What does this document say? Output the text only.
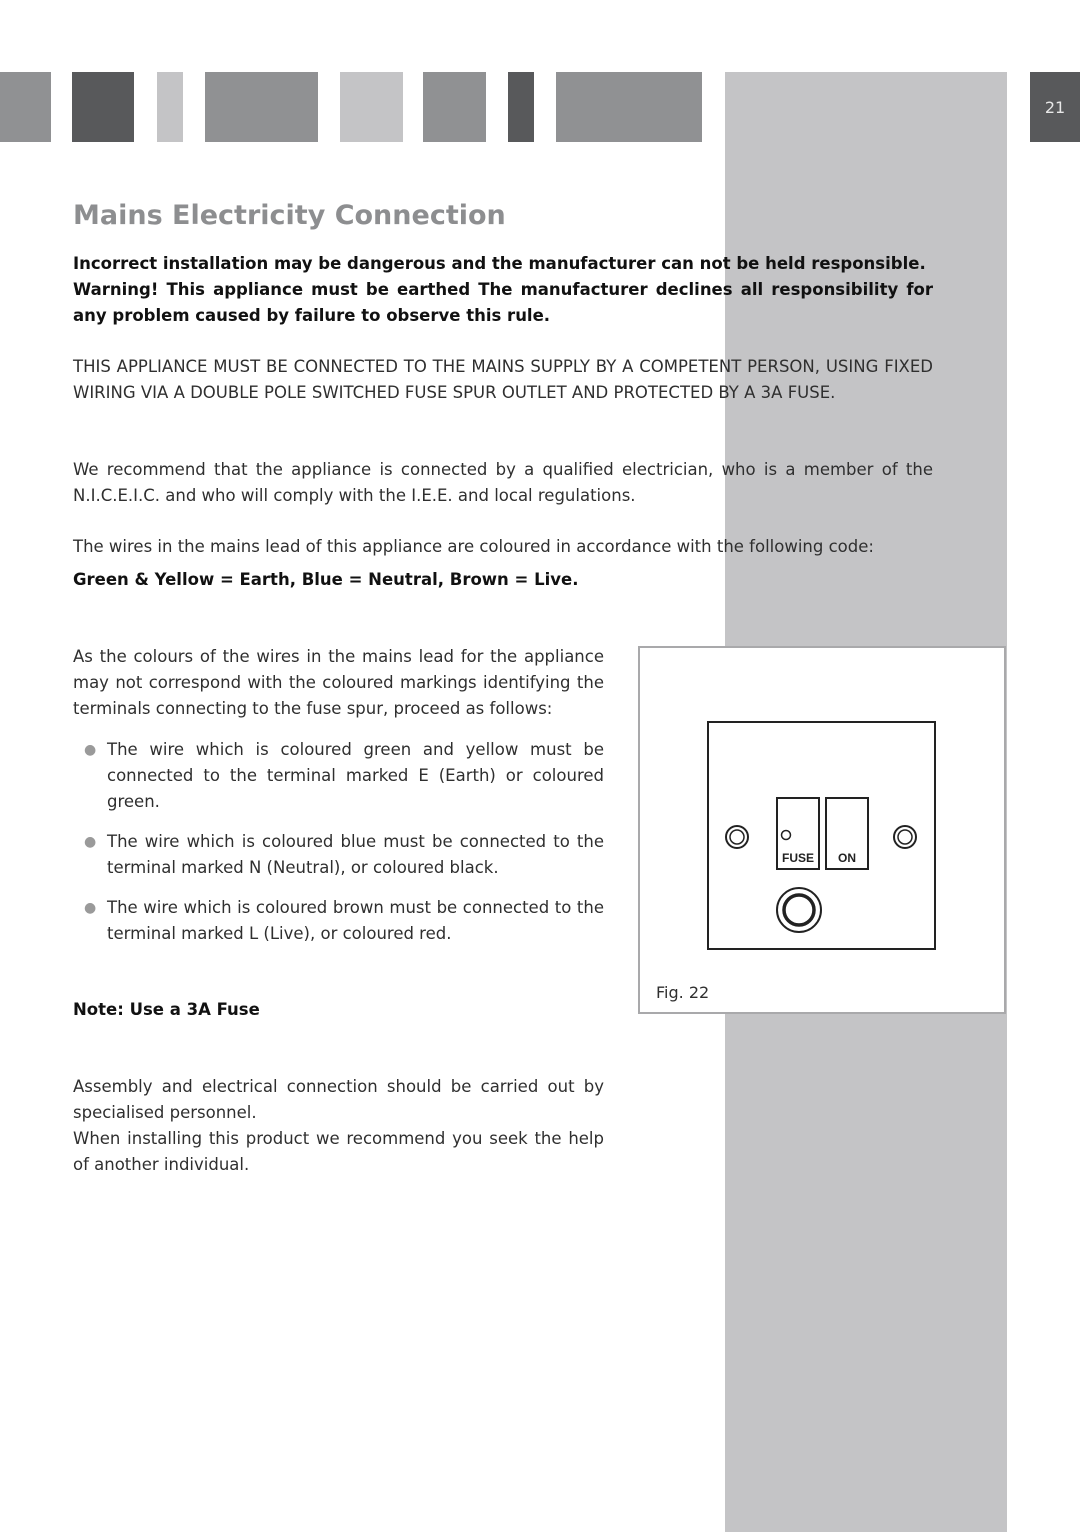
21
Mains Electricity Connection

Incorrect installation may be dangerous and the manufacturer can not be held responsible.

Warning! This appliance must be earthed The manufacturer declines all responsibility for any problem caused by failure to observe this rule.

THIS APPLIANCE MUST BE CONNECTED TO THE MAINS SUPPLY BY A COMPETENT PERSON, USING FIXED WIRING VIA A DOUBLE POLE SWITCHED FUSE SPUR OUTLET AND PROTECTED BY A 3A FUSE.

We recommend that the appliance is connected by a qualified electrician, who is a member of the N.I.C.E.I.C. and who will comply with the I.E.E. and local regulations.

The wires in the mains lead of this appliance are coloured in accordance with the following code:

Green & Yellow = Earth, Blue = Neutral, Brown = Live.

As the colours of the wires in the mains lead for the appliance may not correspond with the coloured markings identifying the terminals connecting to the fuse spur, proceed as follows:

● The wire which is coloured green and yellow must be connected to the terminal marked E (Earth) or coloured green.
● The wire which is coloured blue must be connected to the terminal marked N (Neutral), or coloured black.
● The wire which is coloured brown must be connected to the terminal marked L (Live), or coloured red.

Note: Use a 3A Fuse

Assembly and electrical connection should be carried out by specialised personnel.

When installing this product we recommend you seek the help of another individual.

FUSE ON
Fig. 22
